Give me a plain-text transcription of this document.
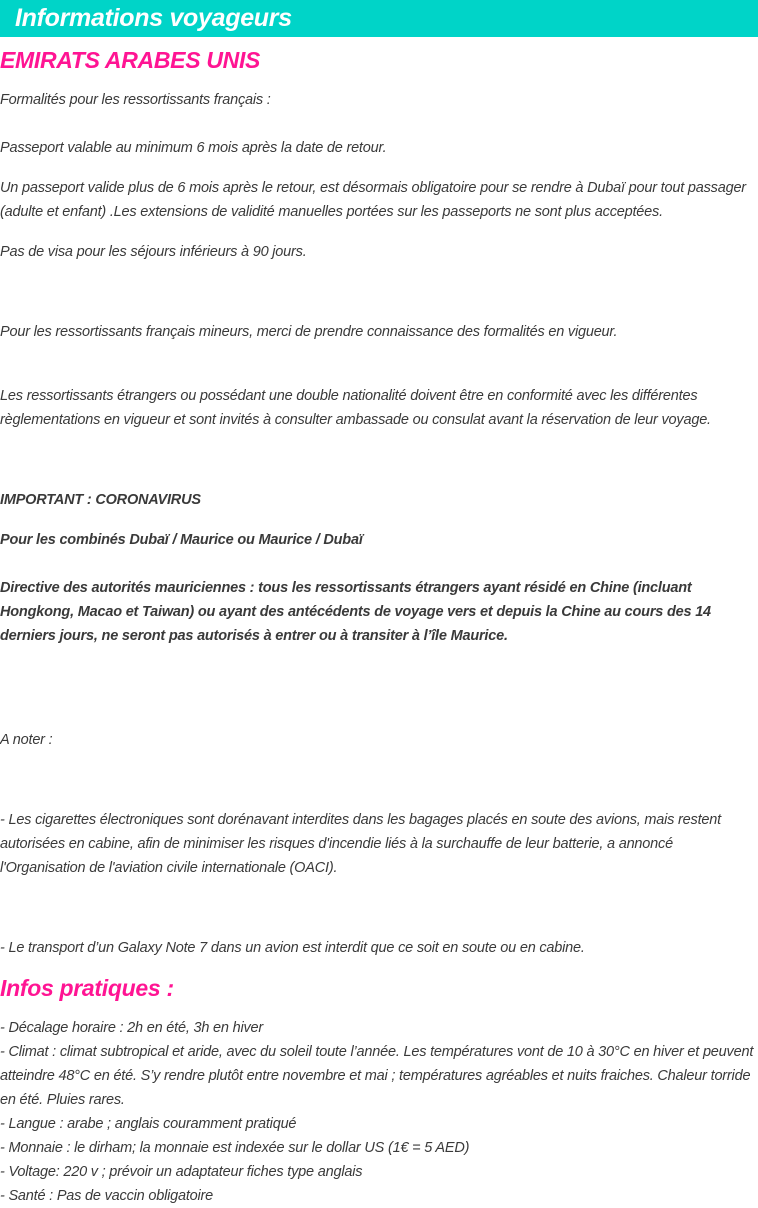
Informations voyageurs
EMIRATS ARABES UNIS
Formalités pour les ressortissants français :
Passeport valable au minimum 6 mois après la date de retour.
Un passeport valide plus de 6 mois après le retour, est désormais obligatoire pour se rendre à Dubaï pour tout passager (adulte et enfant) .Les extensions de validité manuelles portées sur les passeports ne sont plus acceptées.
Pas de visa pour les séjours inférieurs à 90 jours.
Pour les ressortissants français mineurs, merci de prendre connaissance des formalités en vigueur.
Les ressortissants étrangers ou possédant une double nationalité doivent être en conformité avec les différentes règlementations en vigueur et sont invités à consulter ambassade ou consulat avant la réservation de leur voyage.
IMPORTANT : CORONAVIRUS
Pour les combinés Dubaï / Maurice ou Maurice / Dubaï
Directive des autorités mauriciennes : tous les ressortissants étrangers ayant résidé en Chine (incluant Hongkong, Macao et Taiwan) ou ayant des antécédents de voyage vers et depuis la Chine au cours des 14 derniers jours, ne seront pas autorisés à entrer ou à transiter à l’île Maurice.
A noter :
- Les cigarettes électroniques sont dorénavant interdites dans les bagages placés en soute des avions, mais restent autorisées en cabine, afin de minimiser les risques d'incendie liés à la surchauffe de leur batterie, a annoncé l'Organisation de l'aviation civile internationale (OACI).
- Le transport d’un Galaxy Note 7 dans un avion est interdit que ce soit en soute ou en cabine.
Infos pratiques :
- Décalage horaire : 2h en été, 3h en hiver
- Climat : climat subtropical et aride, avec du soleil toute l’année. Les températures vont de 10 à 30°C en hiver et peuvent atteindre 48°C en été. S’y rendre plutôt entre novembre et mai ; températures agréables et nuits fraiches. Chaleur torride en été. Pluies rares.
- Langue : arabe ; anglais couramment pratiqué
- Monnaie : le dirham; la monnaie est indexée sur le dollar US (1€ = 5 AED)
- Voltage: 220 v ; prévoir un adaptateur fiches type anglais
- Santé : Pas de vaccin obligatoire
